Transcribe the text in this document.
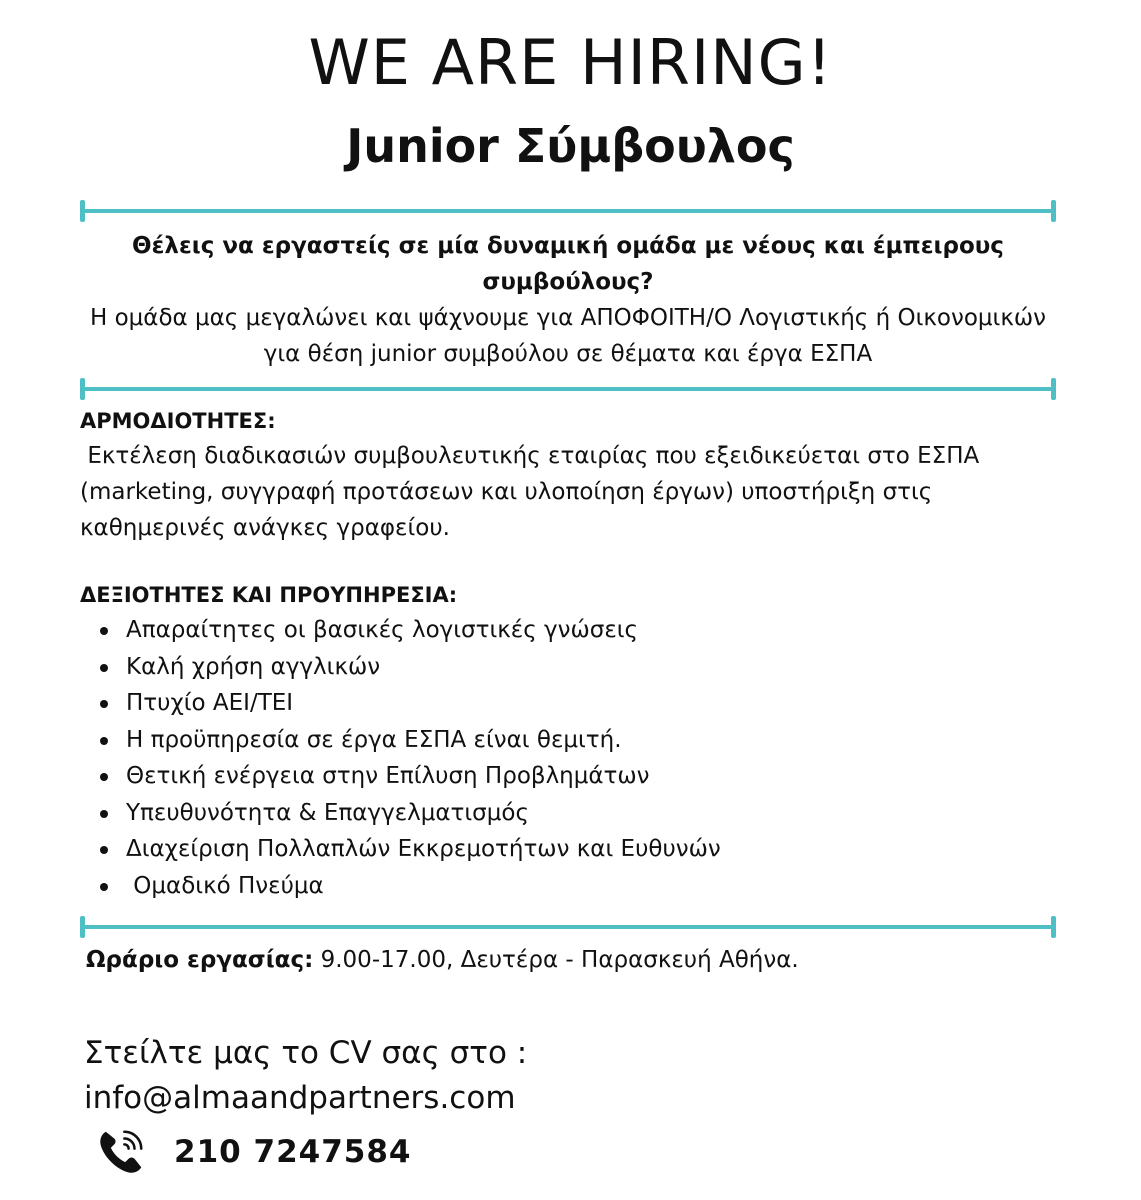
WE ARE HIRING!
Junior Σύμβουλος
Θέλεις να εργαστείς σε μία δυναμική ομάδα με νέους και έμπειρους συμβούλους?
Η ομάδα μας μεγαλώνει και ψάχνουμε για ΑΠΟΦΟΙΤΗ/Ο Λογιστικής ή Οικονομικών για θέση junior συμβούλου σε θέματα και έργα ΕΣΠΑ
ΑΡΜΟΔΙΟΤΗΤΕΣ:

Εκτέλεση διαδικασιών συμβουλευτικής εταιρίας που εξειδικεύεται στο ΕΣΠΑ (marketing, συγγραφή προτάσεων και υλοποίηση έργων) υποστήριξη στις καθημερινές ανάγκες γραφείου.

ΔΕΞΙΟΤΗΤΕΣ ΚΑΙ ΠΡΟΥΠΗΡΕΣΙΑ:
Απαραίτητες οι βασικές λογιστικές γνώσεις
Καλή χρήση αγγλικών
Πτυχίο ΑΕΙ/ΤΕΙ
Η προϋπηρεσία σε έργα ΕΣΠΑ είναι θεμιτή.
Θετική ενέργεια στην Επίλυση Προβλημάτων
Υπευθυνότητα & Επαγγελματισμός
Διαχείριση Πολλαπλών Εκκρεμοτήτων και Ευθυνών
Ομαδικό Πνεύμα
Ωράριο εργασίας: 9.00-17.00, Δευτέρα - Παρασκευή Αθήνα.
Στείλτε μας το CV σας στο :
info@almaandpartners.com
210 7247584
